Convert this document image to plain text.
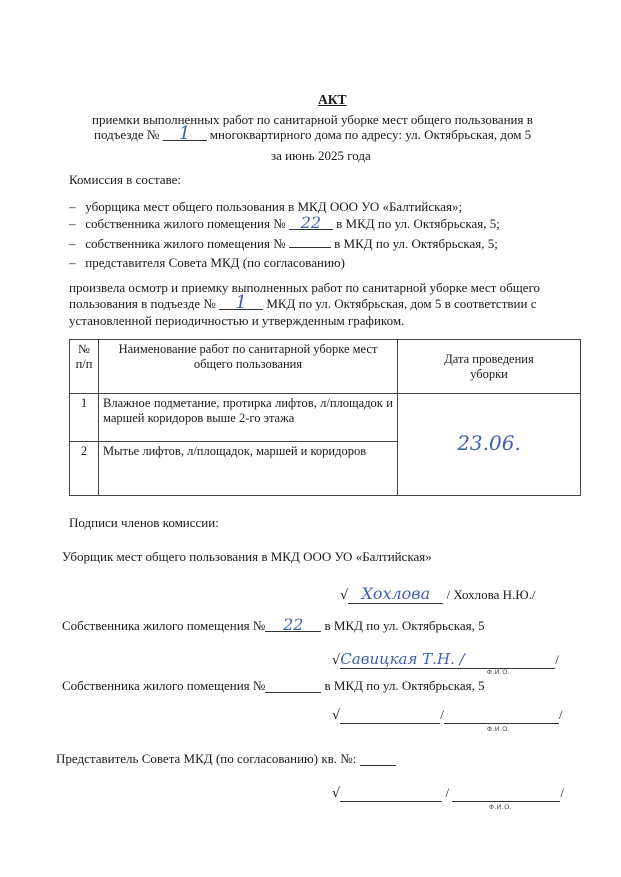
АКТ
приемки выполненных работ по санитарной уборке мест общего пользования в
подъезде № 1 многоквартирного дома по адресу: ул. Октябрьская, дом 5
за июнь 2025 года
Комиссия в составе:
–   уборщика мест общего пользования в МКД ООО УО «Балтийская»;
–   собственника жилого помещения № 22 в МКД по ул. Октябрьская, 5;
–   собственника жилого помещения №	в МКД по ул. Октябрьская, 5;
–   представителя Совета МКД (по согласованию)
произвела осмотр и приемку выполненных работ по санитарной уборке мест общего
пользования в подъезде № 1 МКД по ул. Октябрьская, дом 5 в соответствии с
установленной периодичностью и утвержденным графиком.
№ п/п	Наименование работ по санитарной уборке мест общего пользования	Дата проведения уборки
1	Влажное подметание, протирка лифтов, л/площадок и маршей коридоров выше 2-го этажа	23.06.
2	Мытье лифтов, л/площадок, маршей и коридоров	
Подписи членов комиссии:
Уборщик мест общего пользования в МКД ООО УО «Балтийская»
√ Хохлова / Хохлова Н.Ю./
Собственника жилого помещения № 22 в МКД по ул. Октябрьская, 5
√Савицкая Т.Н. /	/
Ф.И.О.
Собственника жилого помещения №	в МКД по ул. Октябрьская, 5
√	/	/
Ф.И.О.
Представитель Совета МКД (по согласованию) кв. №:
√	/	/
Ф.И.О.
